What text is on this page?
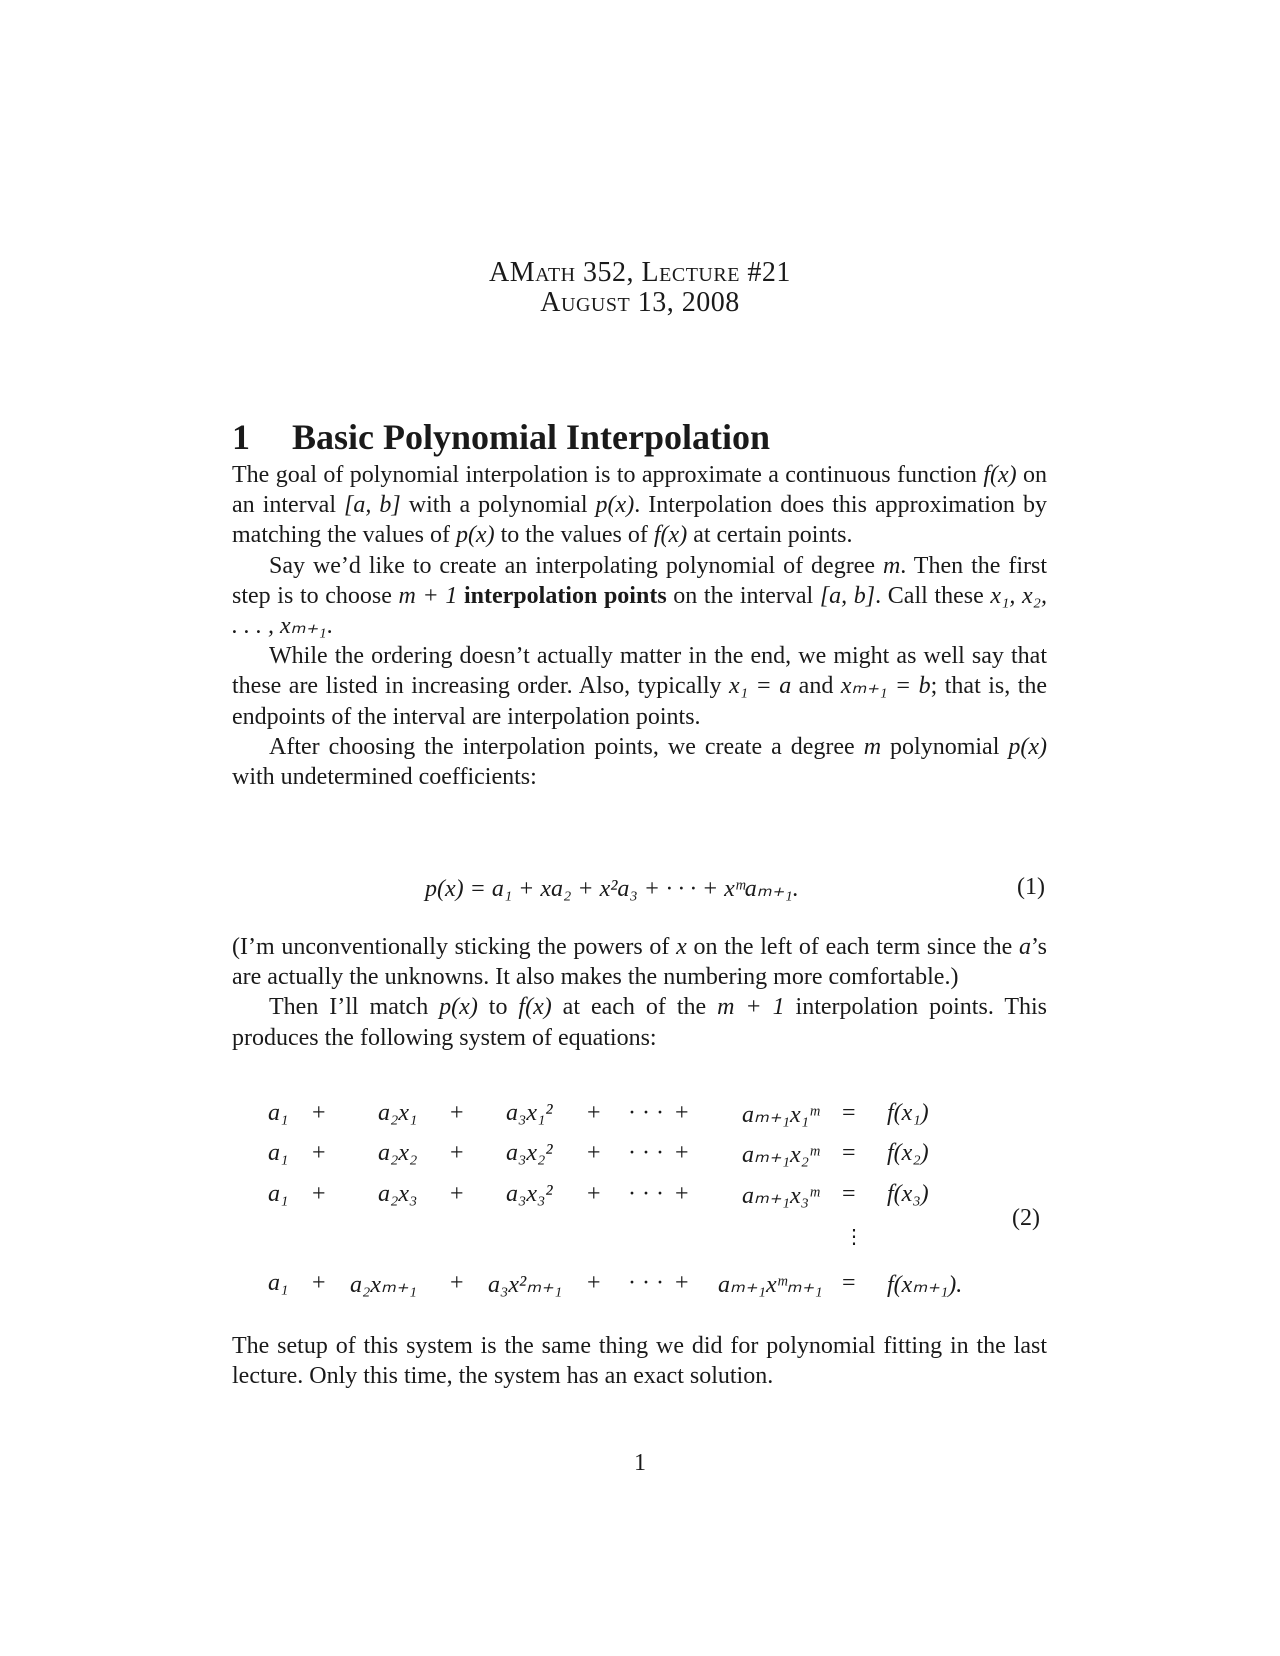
AMath 352, Lecture #21
August 13, 2008
1 Basic Polynomial Interpolation

The goal of polynomial interpolation is to approximate a continuous function f(x) on an interval [a, b] with a polynomial p(x). Interpolation does this approximation by matching the values of p(x) to the values of f(x) at certain points.

Say we’d like to create an interpolating polynomial of degree m. Then the first step is to choose m + 1 interpolation points on the interval [a, b]. Call these x₁, x₂, . . . , xₘ₊₁.

While the ordering doesn’t actually matter in the end, we might as well say that these are listed in increasing order. Also, typically x₁ = a and xₘ₊₁ = b; that is, the endpoints of the interval are interpolation points.

After choosing the interpolation points, we create a degree m polynomial p(x) with undetermined coefficients:

p(x) = a₁ + xa₂ + x²a₃ + · · · + xᵐaₘ₊₁.	(1)

(I’m unconventionally sticking the powers of x on the left of each term since the a’s are actually the unknowns. It also makes the numbering more comfortable.)

Then I’ll match p(x) to f(x) at each of the m + 1 interpolation points. This produces the following system of equations:

a₁ + a₂x₁ + a₃x₁² + · · · + aₘ₊₁x₁ᵐ = f(x₁)
a₁ + a₂x₂ + a₃x₂² + · · · + aₘ₊₁x₂ᵐ = f(x₂)
a₁ + a₂x₃ + a₃x₃² + · · · + aₘ₊₁x₃ᵐ = f(x₃)
(2)
⋮
a₁ + a₂xₘ₊₁ + a₃x²ₘ₊₁ + · · · + aₘ₊₁xᵐₘ₊₁ = f(xₘ₊₁).

The setup of this system is the same thing we did for polynomial fitting in the last lecture. Only this time, the system has an exact solution.

1
